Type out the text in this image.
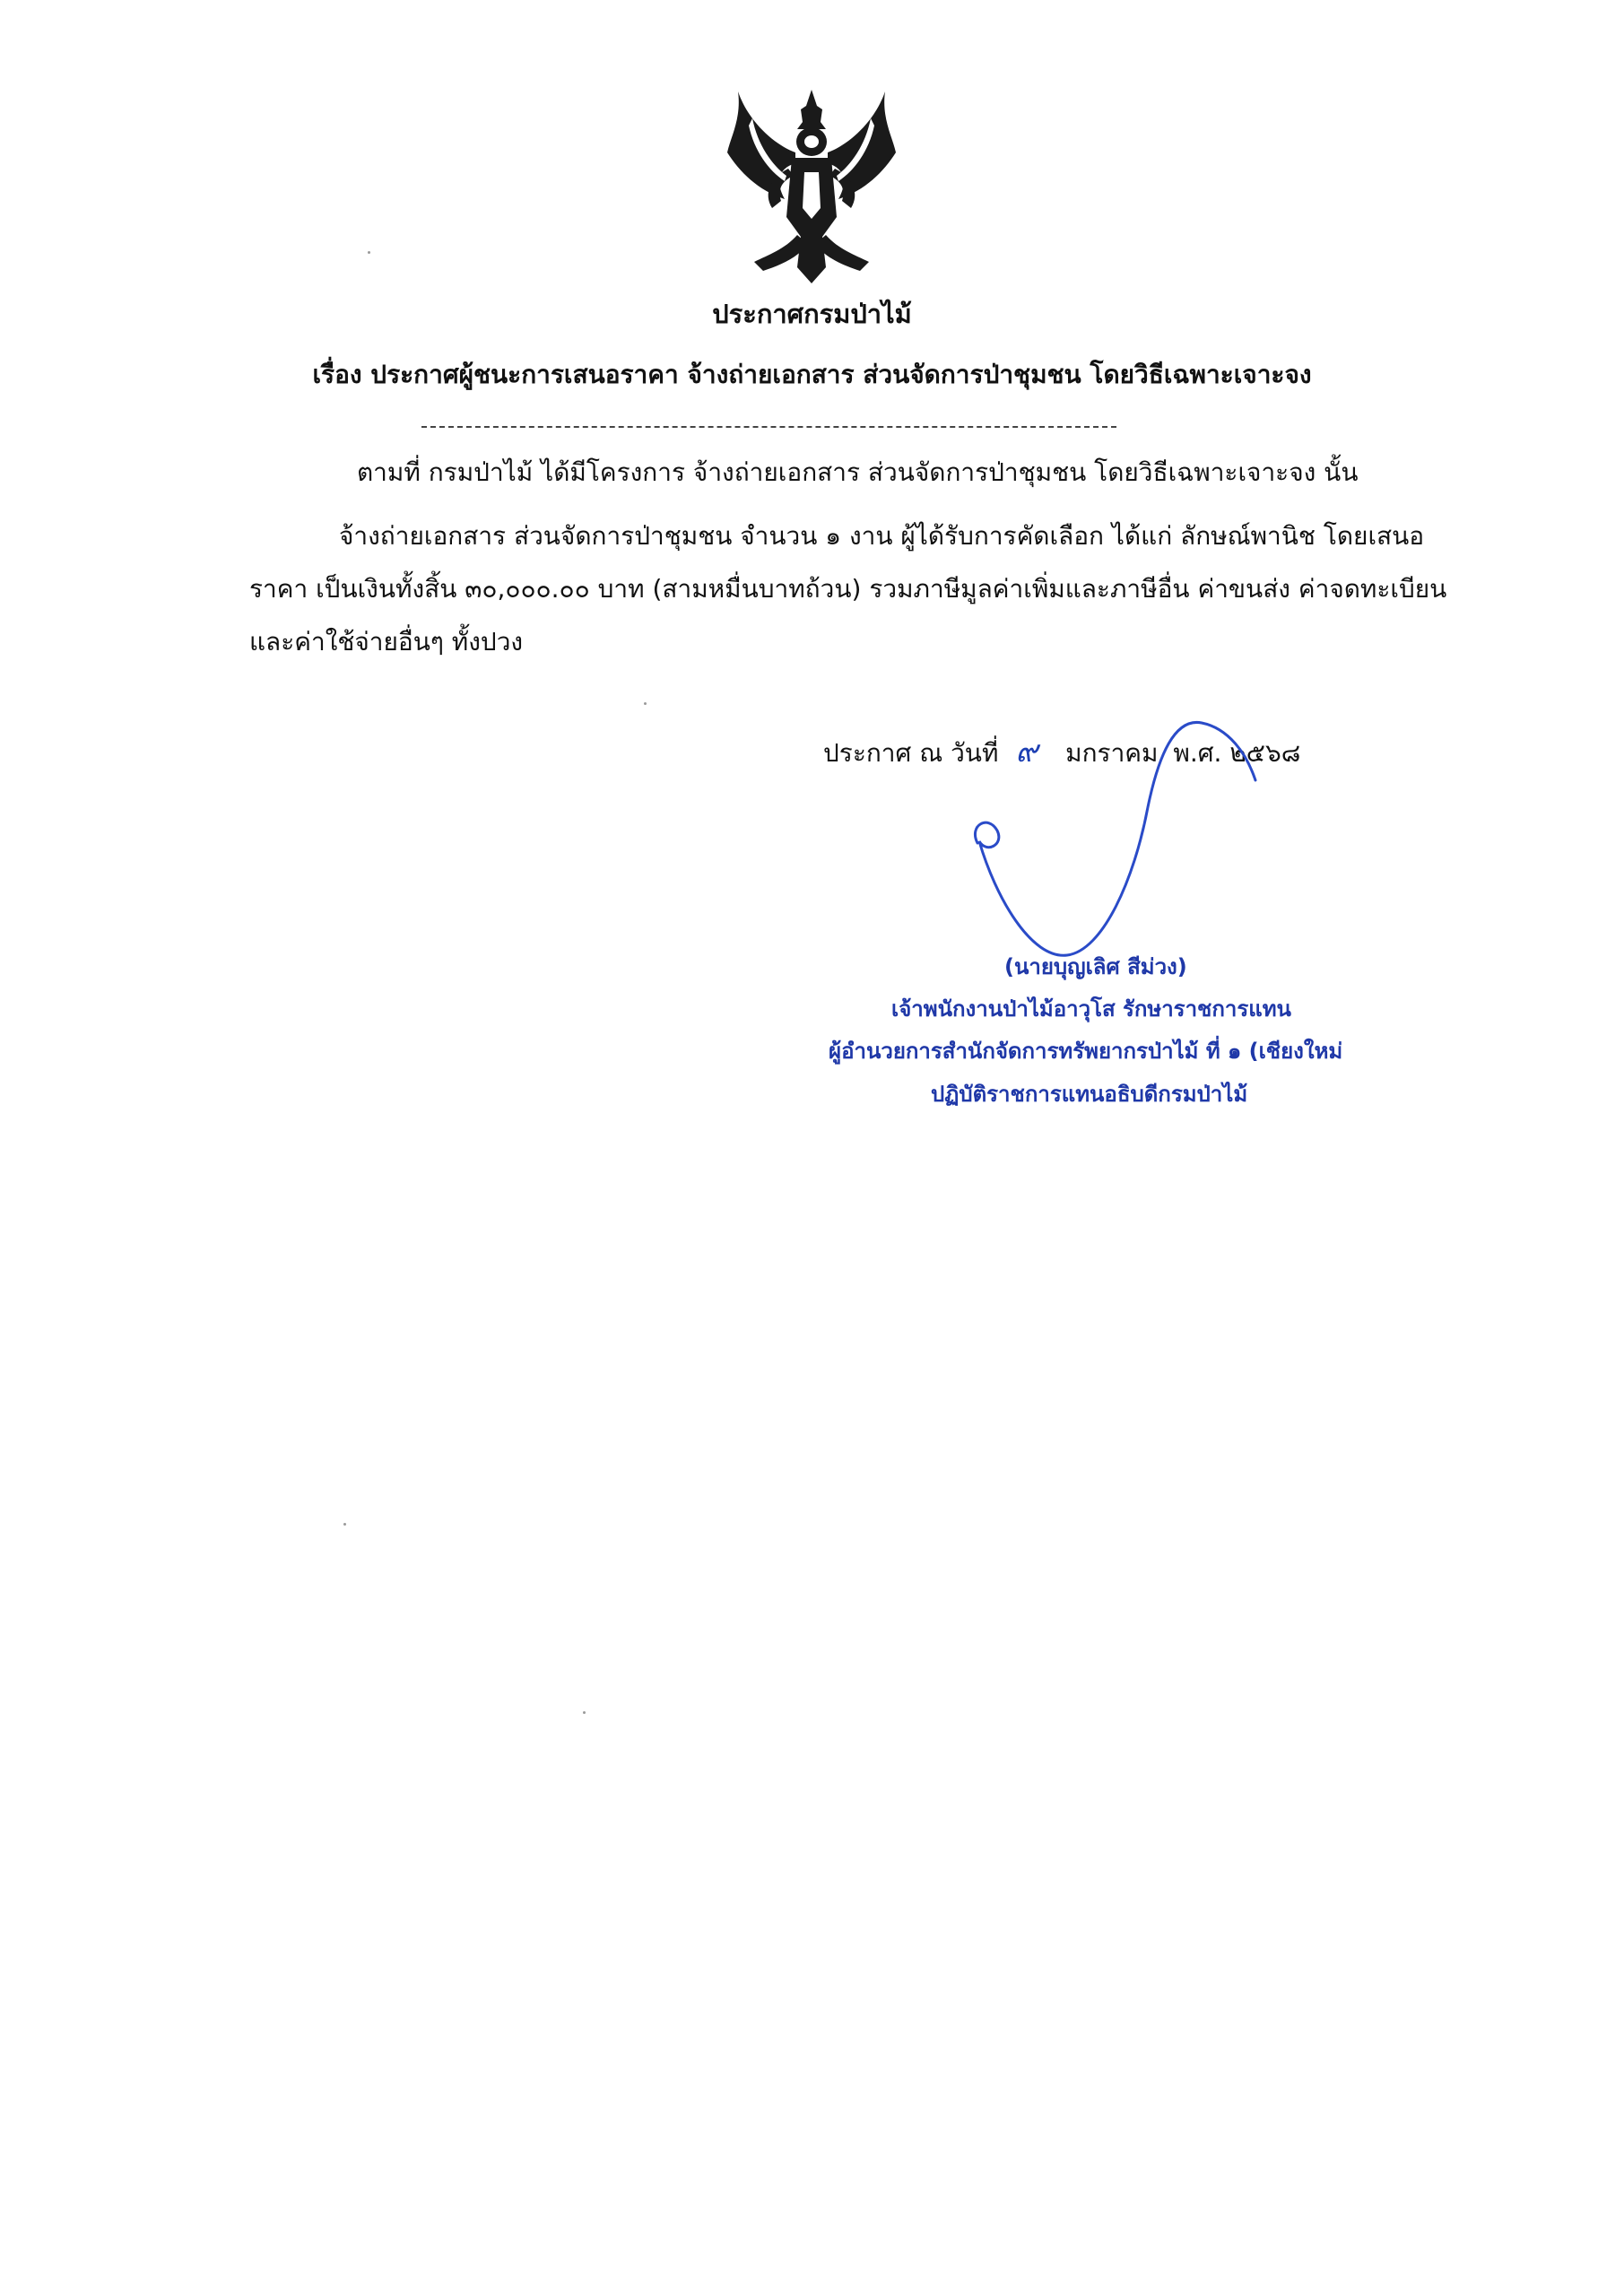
ประกาศกรมป่าไม้
เรื่อง ประกาศผู้ชนะการเสนอราคา จ้างถ่ายเอกสาร ส่วนจัดการป่าชุมชน โดยวิธีเฉพาะเจาะจง
ตามที่ กรมป่าไม้ ได้มีโครงการ จ้างถ่ายเอกสาร ส่วนจัดการป่าชุมชน โดยวิธีเฉพาะเจาะจง นั้น
จ้างถ่ายเอกสาร ส่วนจัดการป่าชุมชน จำนวน ๑ งาน ผู้ได้รับการคัดเลือก ได้แก่ ลักษณ์พานิช โดยเสนอ
ราคา เป็นเงินทั้งสิ้น ๓๐,๐๐๐.๐๐ บาท (สามหมื่นบาทถ้วน) รวมภาษีมูลค่าเพิ่มและภาษีอื่น ค่าขนส่ง ค่าจดทะเบียน
และค่าใช้จ่ายอื่นๆ ทั้งปวง
ประกาศ ณ วันที่ ๙ มกราคม พ.ศ. ๒๕๖๘
(นายบุญเลิศ สีม่วง)
เจ้าพนักงานป่าไม้อาวุโส รักษาราชการแทน
ผู้อำนวยการสำนักจัดการทรัพยากรป่าไม้ ที่ ๑ (เชียงใหม่
ปฏิบัติราชการแทนอธิบดีกรมป่าไม้
